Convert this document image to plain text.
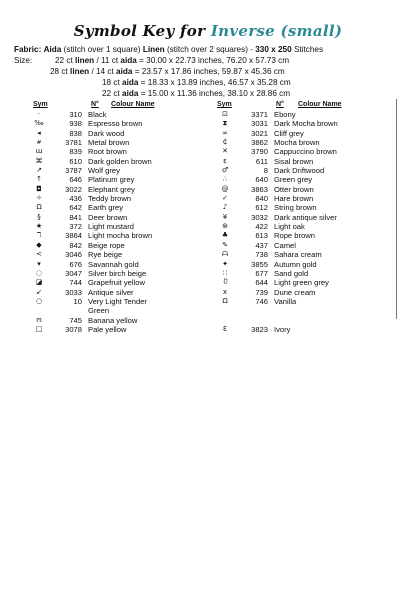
Symbol Key for Inverse (small)
Fabric: Aida (stitch over 1 square) Linen (stitch over 2 squares) - 330 x 250 Stitches
Size:	22 ct linen / 11 ct aida = 30.00 x 22.73 inches, 76.20 x 57.73 cm
28 ct linen / 14 ct aida = 23.57 x 17.86 inches, 59.87 x 45.36 cm
18 ct aida = 18.33 x 13.89 inches, 46.57 x 35.28 cm
22 ct aida = 15.00 x 11.36 inches, 38.10 x 28.86 cm
Sym	N° Colour Name	Sym	N° Colour Name
·	310 Black
‰	938 Espresso brown
◂	838 Dark wood
⧣	3781 Metal brown
ɯ	839 Root brown
⌘	610 Dark golden brown
↗	3787 Wolf grey
↑	646 Platinum grey
◘	3022 Elephant grey
✧	436 Teddy brown
Ω	642 Earth grey
§	841 Deer brown
★	372 Light mustard
ℸ	3864 Light mocha brown
◆	842 Beige rope
<	3046 Rye beige
▾	676 Savannah gold
◌	3047 Silver birch beige
◪	744 Grapefruit yellow
↙	3033 Antique silver
○	10 Very Light Tender Green
ო	745 Banana yellow
□	3078 Pale yellow
⊡	3371 Ebony
⧗	3031 Dark Mocha brown
∞	3021 Cliff grey
₵	3862 Mocha brown
✕	3790 Cappuccino brown
ε	611 Sisal brown
♂	8 Dark Driftwood
∴	640 Green grey
@	3863 Otter brown
✓	840 Hare brown
♪	612 String brown
¥	3032 Dark antique silver
⊛	422 Light oak
♣	613 Rope brown
✎	437 Camel
ᗩ	738 Sahara cream
✦	3855 Autumn gold
∷	677 Sand gold
ꀀ	644 Light green grey
x	739 Dune cream
Ω	746 Vanilla
Ɛ	3823 Ivory
